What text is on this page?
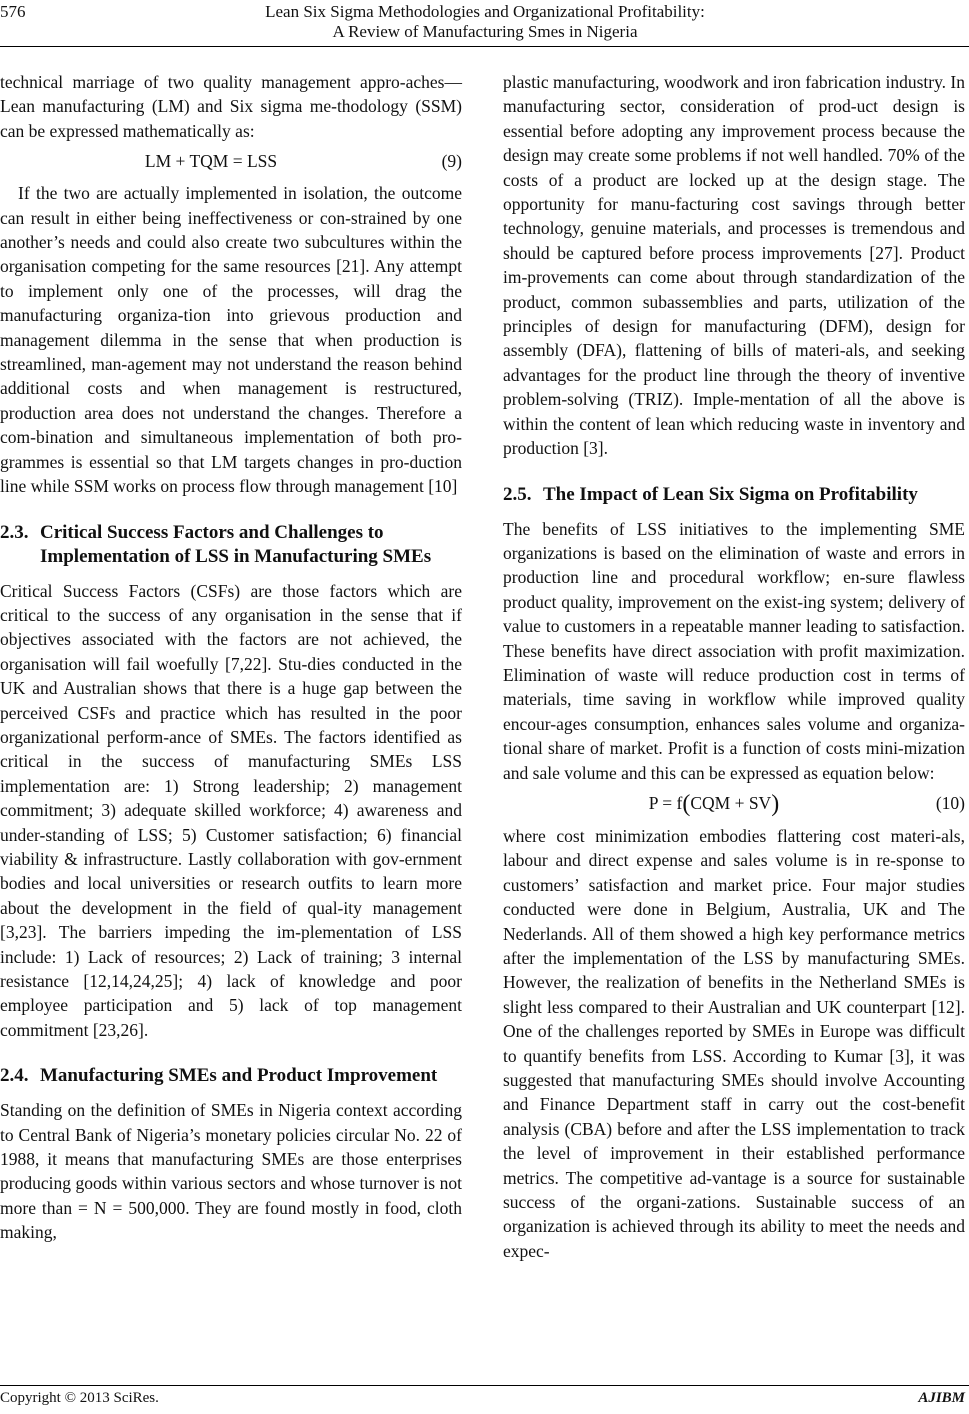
576	Lean Six Sigma Methodologies and Organizational Profitability:
A Review of Manufacturing Smes in Nigeria

technical marriage of two quality management appro-aches—Lean manufacturing (LM) and Six sigma me-thodology (SSM) can be expressed mathematically as:

LM + TQM = LSS	(9)

If the two are actually implemented in isolation, the outcome can result in either being ineffectiveness or con-strained by one another’s needs and could also create two subcultures within the organisation competing for the same resources [21]. Any attempt to implement only one of the processes, will drag the manufacturing organiza-tion into grievous production and management dilemma in the sense that when production is streamlined, man-agement may not understand the reason behind additional costs and when management is restructured, production area does not understand the changes. Therefore a com-bination and simultaneous implementation of both pro-grammes is essential so that LM targets changes in pro-duction line while SSM works on process flow through management [10]

2.3. Critical Success Factors and Challenges to Implementation of LSS in Manufacturing SMEs

Critical Success Factors (CSFs) are those factors which are critical to the success of any organisation in the sense that if objectives associated with the factors are not achieved, the organisation will fail woefully [7,22]. Stu-dies conducted in the UK and Australian shows that there is a huge gap between the perceived CSFs and practice which has resulted in the poor organizational perform-ance of SMEs. The factors identified as critical in the success of manufacturing SMEs LSS implementation are: 1) Strong leadership; 2) management commitment; 3) adequate skilled workforce; 4) awareness and under-standing of LSS; 5) Customer satisfaction; 6) financial viability & infrastructure. Lastly collaboration with gov-ernment bodies and local universities or research outfits to learn more about the development in the field of qual-ity management [3,23]. The barriers impeding the im-plementation of LSS include: 1) Lack of resources; 2) Lack of training; 3 internal resistance [12,14,24,25]; 4) lack of knowledge and poor employee participation and 5) lack of top management commitment [23,26].

2.4. Manufacturing SMEs and Product Improvement

Standing on the definition of SMEs in Nigeria context according to Central Bank of Nigeria’s monetary policies circular No. 22 of 1988, it means that manufacturing SMEs are those enterprises producing goods within various sectors and whose turnover is not more than = N = 500,000. They are found mostly in food, cloth making,

plastic manufacturing, woodwork and iron fabrication industry. In manufacturing sector, consideration of prod-uct design is essential before adopting any improvement process because the design may create some problems if not well handled. 70% of the costs of a product are locked up at the design stage. The opportunity for manu-facturing cost savings through better technology, genuine materials, and processes is tremendous and should be captured before process improvements [27]. Product im-provements can come about through standardization of the product, common subassemblies and parts, utilization of the principles of design for manufacturing (DFM), design for assembly (DFA), flattening of bills of materi-als, and seeking advantages for the product line through the theory of inventive problem-solving (TRIZ). Imple-mentation of all the above is within the content of lean which reducing waste in inventory and production [3].

2.5. The Impact of Lean Six Sigma on Profitability

The benefits of LSS initiatives to the implementing SME organizations is based on the elimination of waste and errors in production line and procedural workflow; en-sure flawless product quality, improvement on the exist-ing system; delivery of value to customers in a repeatable manner leading to satisfaction. These benefits have direct association with profit maximization. Elimination of waste will reduce production cost in terms of materials, time saving in workflow while improved quality encour-ages consumption, enhances sales volume and organiza-tional share of market. Profit is a function of costs mini-mization and sale volume and this can be expressed as equation below:

P = f(CQM + SV)	(10)

where cost minimization embodies flattering cost materi-als, labour and direct expense and sales volume is in re-sponse to customers’ satisfaction and market price. Four major studies conducted were done in Belgium, Australia, UK and The Nederlands. All of them showed a high key performance metrics after the implementation of the LSS by manufacturing SMEs. However, the realization of benefits in the Netherland SMEs is slight less compared to their Australian and UK counterpart [12]. One of the challenges reported by SMEs in Europe was difficult to quantify benefits from LSS. According to Kumar [3], it was suggested that manufacturing SMEs should involve Accounting and Finance Department staff in carry out the cost-benefit analysis (CBA) before and after the LSS implementation to track the level of improvement in their established performance metrics. The competitive ad-vantage is a source for sustainable success of the organi-zations. Sustainable success of an organization is achieved through its ability to meet the needs and expec-

Copyright © 2013 SciRes.	AJIBM
